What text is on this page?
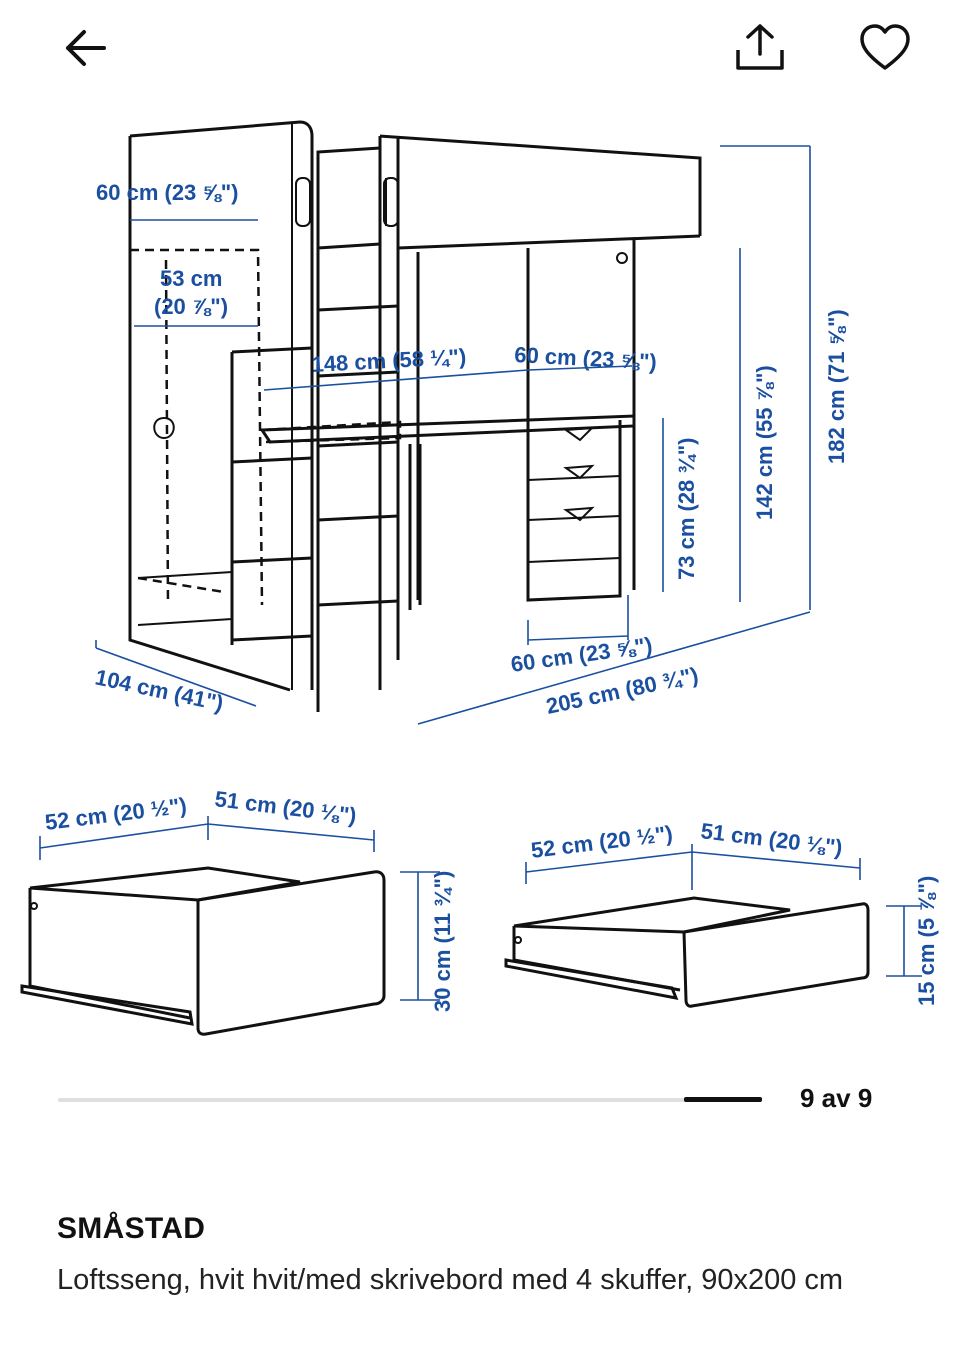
60 cm (23 ⅝")
53 cm
(20 ⅞")
148 cm (58 ¼") 60 cm (23 ⅝")
73 cm (28 ¾") 142 cm (55 ⅞") 182 cm (71 ⅝")
60 cm (23 ⅝")
104 cm (41")	205 cm (80 ¾")
52 cm (20 ½") 51 cm (20 ⅛")
30 cm (11 ¾")
52 cm (20 ½") 51 cm (20 ⅛")
15 cm (5 ⅞")
9 av 9
SMÅSTAD
Loftsseng, hvit hvit/med skrivebord med 4 skuffer, 90x200 cm
